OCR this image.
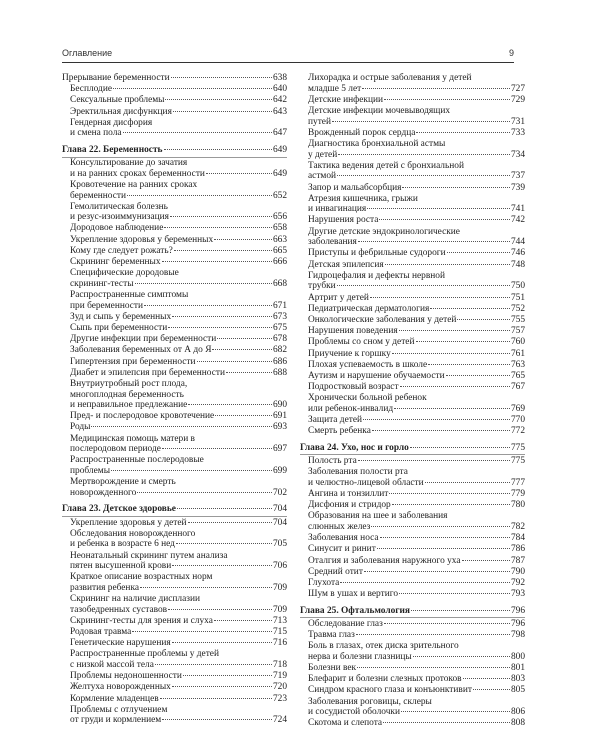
Оглавление	9
Прерывание беременности	638
Бесплодие	640
Сексуальные проблемы	642
Эректильная дисфункция	643
Гендерная дисфория
и смена пола	647
Глава 22. Беременность	649
Консультирование до зачатия
и на ранних сроках беременности	649
Кровотечение на ранних сроках
беременности	652
Гемолитическая болезнь
и резус-изоиммунизация	656
Дородовое наблюдение	658
Укрепление здоровья у беременных	663
Кому где следует рожать?	665
Скрининг беременных	666
Специфические дородовые
скрининг-тесты	668
Распространенные симптомы
при беременности	671
Зуд и сыпь у беременных	673
Сыпь при беременности	675
Другие инфекции при беременности	678
Заболевания беременных от А до Я	682
Гипертензия при беременности	686
Диабет и эпилепсия при беременности	688
Внутриутробный рост плода,
многоплодная беременность
и неправильное предлежание	690
Пред- и послеродовое кровотечение	691
Роды	693
Медицинская помощь матери в
послеродовом периоде	697
Распространенные послеродовые
проблемы	699
Мертворождение и смерть
новорожденного	702
Глава 23. Детское здоровье	704
Укрепление здоровья у детей	704
Обследования новорожденного
и ребенка в возрасте 6 нед	705
Неонатальный скрининг путем анализа
пятен высушенной крови	706
Краткое описание возрастных норм
развития ребенка	709
Скрининг на наличие дисплазии
тазобедренных суставов	709
Скрининг-тесты для зрения и слуха	713
Родовая травма	715
Генетические нарушения	716
Распространенные проблемы у детей
с низкой массой тела	718
Проблемы недоношенности	719
Желтуха новорожденных	720
Кормление младенцев	723
Проблемы с отлучением
от груди и кормлением	724
Лихорадка и острые заболевания у детей
младше 5 лет	727
Детские инфекции	729
Детские инфекции мочевыводящих
путей	731
Врожденный порок сердца	733
Диагностика бронхиальной астмы
у детей	734
Тактика ведения детей с бронхиальной
астмой	737
Запор и мальабсорбция	739
Атрезия кишечника, грыжи
и инвагинация	741
Нарушения роста	742
Другие детские эндокринологические
заболевания	744
Приступы и фебрильные судороги	746
Детская эпилепсия	748
Гидроцефалия и дефекты нервной
трубки	750
Артрит у детей	751
Педиатрическая дерматология	752
Онкологические заболевания у детей	755
Нарушения поведения	757
Проблемы со сном у детей	760
Приучение к горшку	761
Плохая успеваемость в школе	763
Аутизм и нарушение обучаемости	765
Подростковый возраст	767
Хронически больной ребенок
или ребенок-инвалид	769
Защита детей	770
Смерть ребенка	772
Глава 24. Ухо, нос и горло	775
Полость рта	775
Заболевания полости рта
и челюстно-лицевой области	777
Ангина и тонзиллит	779
Дисфония и стридор	780
Образования на шее и заболевания
слюнных желез	782
Заболевания носа	784
Синусит и ринит	786
Оталгия и заболевания наружного уха	787
Средний отит	790
Глухота	792
Шум в ушах и вертиго	793
Глава 25. Офтальмология	796
Обследование глаз	796
Травма глаз	798
Боль в глазах, отек диска зрительного
нерва и болезни глазницы	800
Болезни век	801
Блефарит и болезни слезных протоков	803
Синдром красного глаза и конъюнктивит	805
Заболевания роговицы, склеры
и сосудистой оболочки	806
Скотома и слепота	808
